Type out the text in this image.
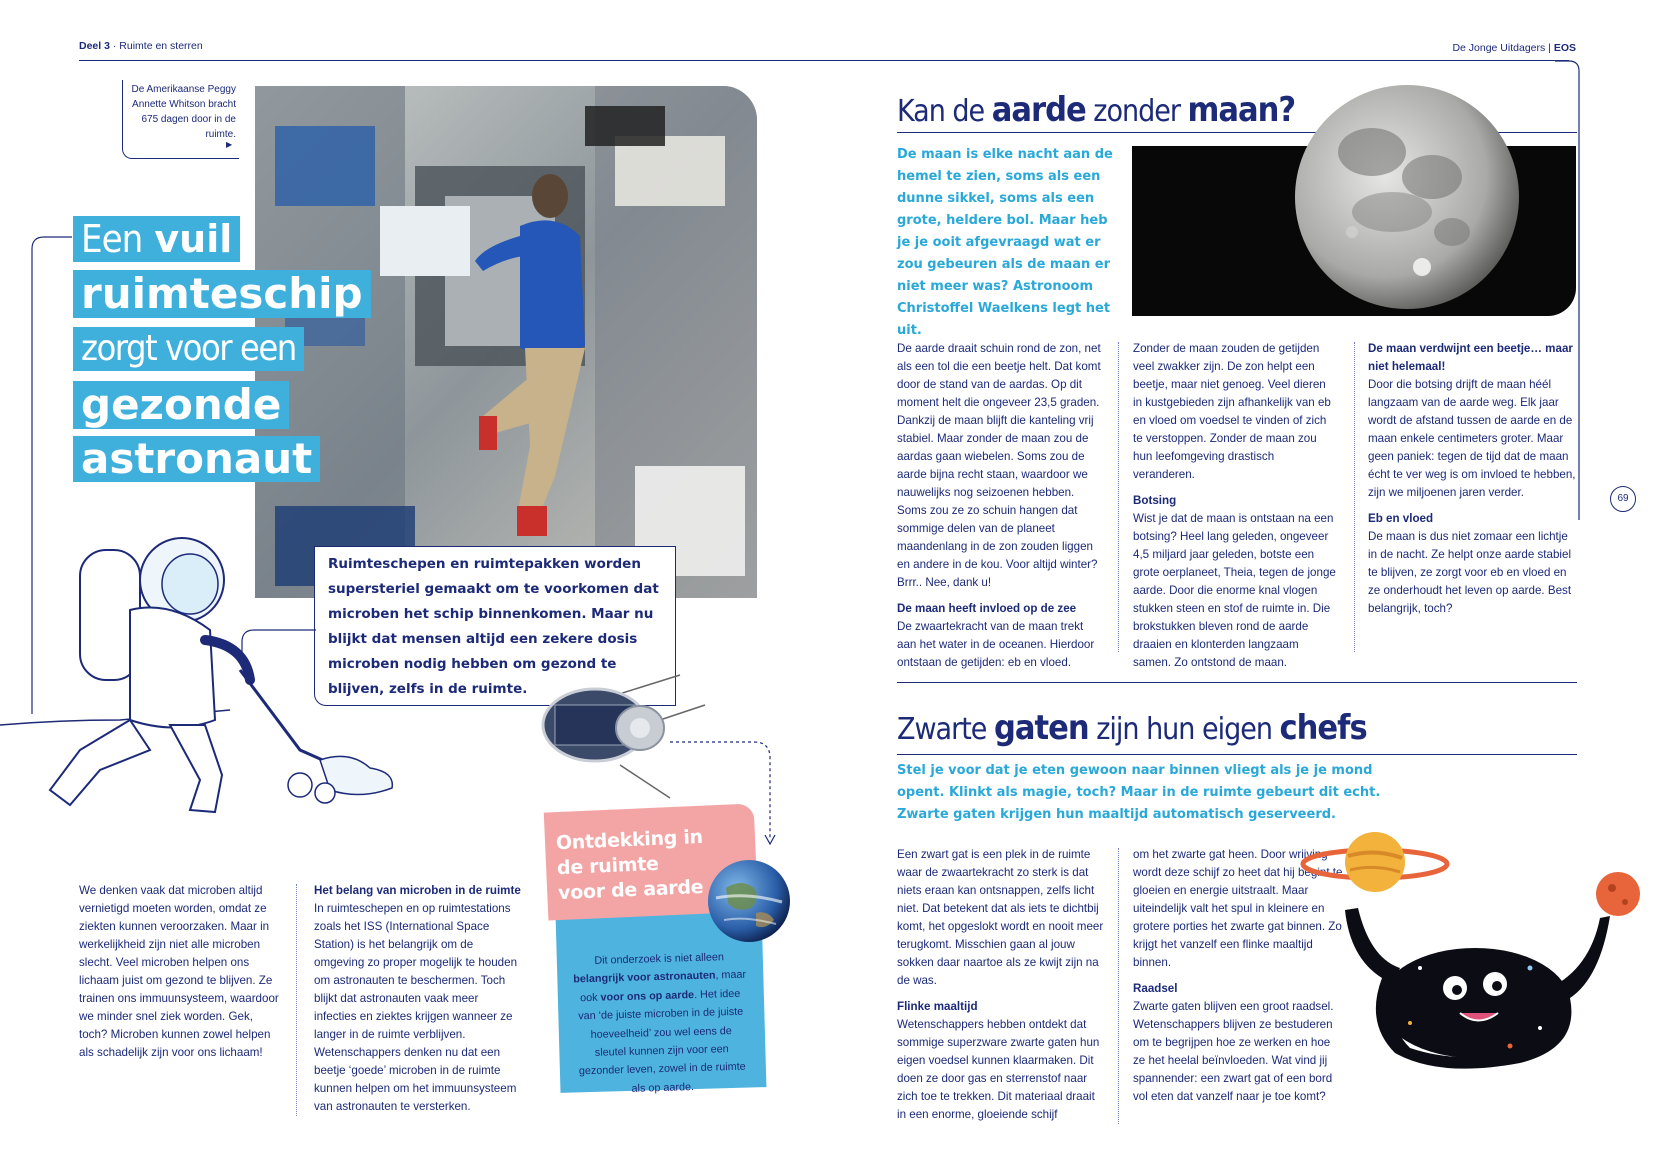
Deel 3 · Ruimte en sterren	De Jonge Uitdagers | EOS
69
De Amerikaanse Peggy Annette Whitson bracht 675 dagen door in de ruimte.
▶
Een vuil
ruimteschip
zorgt voor een
gezonde
astronaut
Ruimteschepen en ruimtepakken worden supersteriel gemaakt om te voorkomen dat microben het schip binnenkomen. Maar nu blijkt dat mensen altijd een zekere dosis microben nodig hebben om gezond te blijven, zelfs in de ruimte.
Ontdekking in de ruimte voor de aarde
Dit onderzoek is niet alleen belangrijk voor astronauten, maar ook voor ons op aarde. Het idee van ‘de juiste microben in de juiste hoeveelheid’ zou wel eens de sleutel kunnen zijn voor een gezonder leven, zowel in de ruimte als op aarde.

We denken vaak dat microben altijd vernietigd moeten worden, omdat ze ziekten kunnen veroorzaken. Maar in werkelijkheid zijn niet alle microben slecht. Veel microben helpen ons lichaam juist om gezond te blijven. Ze trainen ons immuunsysteem, waardoor we minder snel ziek worden. Gek, toch? Microben kunnen zowel helpen als schadelijk zijn voor ons lichaam!

Het belang van microben in de ruimte

In ruimteschepen en op ruimtestations zoals het ISS (International Space Station) is het belangrijk om de omgeving zo proper mogelijk te houden om astronauten te beschermen. Toch blijkt dat astronauten vaak meer infecties en ziektes krijgen wanneer ze langer in de ruimte verblijven. Wetenschappers denken nu dat een beetje ‘goede’ microben in de ruimte kunnen helpen om het immuunsysteem van astronauten te versterken.

Kan de aarde zonder maan?
De maan is elke nacht aan de hemel te zien, soms als een dunne sikkel, soms als een grote, heldere bol. Maar heb je je ooit afgevraagd wat er zou gebeuren als de maan er niet meer was? Astronoom Christoffel Waelkens legt het uit.

De aarde draait schuin rond de zon, net als een tol die een beetje helt. Dat komt door de stand van de aardas. Op dit moment helt die ongeveer 23,5 graden. Dankzij de maan blijft die kanteling vrij stabiel. Maar zonder de maan zou de aardas gaan wiebelen. Soms zou de aarde bijna recht staan, waardoor we nauwelijks nog seizoenen hebben. Soms zou ze zo schuin hangen dat sommige delen van de planeet maandenlang in de zon zouden liggen en andere in de kou. Voor altijd winter? Brrr.. Nee, dank u!

De maan heeft invloed op de zee

De zwaartekracht van de maan trekt aan het water in de oceanen. Hierdoor ontstaan de getijden: eb en vloed.

Zonder de maan zouden de getijden veel zwakker zijn. De zon helpt een beetje, maar niet genoeg. Veel dieren in kustgebieden zijn afhankelijk van eb en vloed om voedsel te vinden of zich te verstoppen. Zonder de maan zou hun leefomgeving drastisch veranderen.

Botsing

Wist je dat de maan is ontstaan na een botsing? Heel lang geleden, ongeveer 4,5 miljard jaar geleden, botste een grote oerplaneet, Theia, tegen de jonge aarde. Door die enorme knal vlogen stukken steen en stof de ruimte in. Die brokstukken bleven rond de aarde draaien en klonterden langzaam samen. Zo ontstond de maan.

De maan verdwijnt een beetje… maar niet helemaal!

Door die botsing drijft de maan héél langzaam van de aarde weg. Elk jaar wordt de afstand tussen de aarde en de maan enkele centimeters groter. Maar geen paniek: tegen de tijd dat de maan écht te ver weg is om invloed te hebben, zijn we miljoenen jaren verder.

Eb en vloed

De maan is dus niet zomaar een lichtje in de nacht. Ze helpt onze aarde stabiel te blijven, ze zorgt voor eb en vloed en ze onderhoudt het leven op aarde. Best belangrijk, toch?

Zwarte gaten zijn hun eigen chefs
Stel je voor dat je eten gewoon naar binnen vliegt als je je mond opent. Klinkt als magie, toch? Maar in de ruimte gebeurt dit echt. Zwarte gaten krijgen hun maaltijd automatisch geserveerd.

Een zwart gat is een plek in de ruimte waar de zwaartekracht zo sterk is dat niets eraan kan ontsnappen, zelfs licht niet. Dat betekent dat als iets te dichtbij komt, het opgeslokt wordt en nooit meer terugkomt. Misschien gaan al jouw sokken daar naartoe als ze kwijt zijn na de was.

Flinke maaltijd

Wetenschappers hebben ontdekt dat sommige superzware zwarte gaten hun eigen voedsel kunnen klaarmaken. Dit doen ze door gas en sterrenstof naar zich toe te trekken. Dit materiaal draait in een enorme, gloeiende schijf

om het zwarte gat heen. Door wrijving wordt deze schijf zo heet dat hij begint te gloeien en energie uitstraalt. Maar uiteindelijk valt het spul in kleinere en grotere porties het zwarte gat binnen. Zo krijgt het vanzelf een flinke maaltijd binnen.

Raadsel

Zwarte gaten blijven een groot raadsel. Wetenschappers blijven ze bestuderen om te begrijpen hoe ze werken en hoe ze het heelal beïnvloeden. Wat vind jij spannender: een zwart gat of een bord vol eten dat vanzelf naar je toe komt?
